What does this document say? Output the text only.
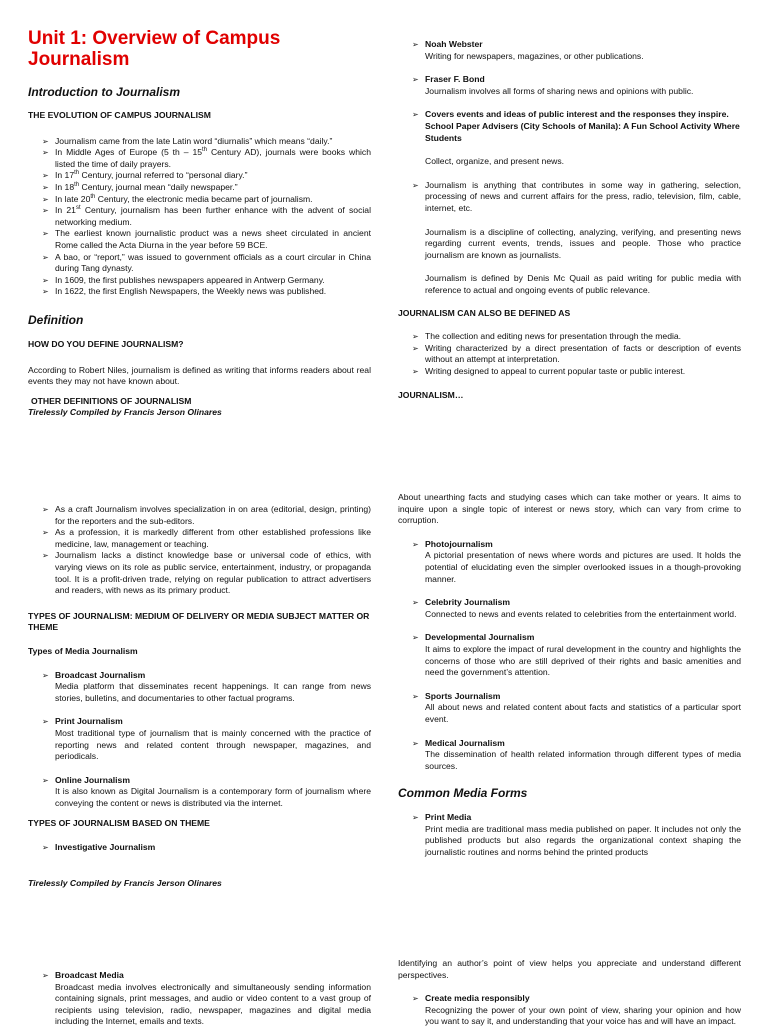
Unit 1: Overview of Campus
Journalism
Introduction to Journalism
THE EVOLUTION OF CAMPUS JOURNALISM
➢ Journalism came from the late Latin word “diurnalis” which means “daily.”
➢ In Middle Ages of Europe (5 th – 15th Century AD), journals were books which listed the time of daily prayers.
➢ In 17th Century, journal referred to “personal diary.”
➢ In 18th Century, journal mean “daily newspaper.”
➢ In late 20th Century, the electronic media became part of journalism.
➢ In 21st Century, journalism has been further enhance with the advent of social networking medium.
➢ The earliest known journalistic product was a news sheet circulated in ancient Rome called the Acta Diurna in the year before 59 BCE.
➢ A bao, or “report,” was issued to government officials as a court circular in China during Tang dynasty.
➢ In 1609, the first publishes newspapers appeared in Antwerp Germany.
➢ In 1622, the first English Newspapers, the Weekly news was published.
Definition
HOW DO YOU DEFINE JOURNALISM?

According to Robert Niles, journalism is defined as writing that informs readers about real events they may not have known about.

OTHER DEFINITIONS OF JOURNALISM
Tirelessly Compiled by Francis Jerson Olinares
➢ Noah Webster
Writing for newspapers, magazines, or other publications.
➢ Fraser F. Bond
Journalism involves all forms of sharing news and opinions with public.
➢ Covers events and ideas of public interest and the responses they inspire.
School Paper Advisers (City Schools of Manila): A Fun School Activity Where Students
Collect, organize, and present news.
➢ Journalism is anything that contributes in some way in gathering, selection, processing of news and current affairs for the press, radio, television, film, cable, internet, etc.
Journalism is a discipline of collecting, analyzing, verifying, and presenting news regarding current events, trends, issues and people. Those who practice journalism are known as journalists.
Journalism is defined by Denis Mc Quail as paid writing for public media with reference to actual and ongoing events of public relevance.
JOURNALISM CAN ALSO BE DEFINED AS
➢ The collection and editing news for presentation through the media.
➢ Writing characterized by a direct presentation of facts or description of events without an attempt at interpretation.
➢ Writing designed to appeal to current popular taste or public interest.
JOURNALISM…
➢ As a craft Journalism involves specialization in on area (editorial, design, printing) for the reporters and the sub-editors.
➢ As a profession, it is markedly different from other established professions like medicine, law, management or teaching.
➢ Journalism lacks a distinct knowledge base or universal code of ethics, with varying views on its role as public service, entertainment, industry, or propaganda tool. It is a profit-driven trade, relying on regular publication to attract advertisers and readers, with news as its primary product.
TYPES OF JOURNALISM: MEDIUM OF DELIVERY OR MEDIA SUBJECT MATTER OR THEME
Types of Media Journalism
➢ Broadcast Journalism
Media platform that disseminates recent happenings. It can range from news stories, bulletins, and documentaries to other factual programs.
➢ Print Journalism
Most traditional type of journalism that is mainly concerned with the practice of reporting news and related content through newspaper, magazines, and periodicals.
➢ Online Journalism
It is also known as Digital Journalism is a contemporary form of journalism where conveying the content or news is distributed via the internet.
TYPES OF JOURNALISM BASED ON THEME
➢ Investigative Journalism
Tirelessly Compiled by Francis Jerson Olinares

About unearthing facts and studying cases which can take mother or years. It aims to inquire upon a single topic of interest or news story, which can vary from crime to corruption.

➢ Photojournalism
A pictorial presentation of news where words and pictures are used. It holds the potential of elucidating even the simpler overlooked issues in a though-provoking manner.
➢ Celebrity Journalism
Connected to news and events related to celebrities from the entertainment world.
➢ Developmental Journalism
It aims to explore the impact of rural development in the country and highlights the concerns of those who are still deprived of their rights and basic amenities and need the government’s attention.
➢ Sports Journalism
All about news and related content about facts and statistics of a particular sport event.
➢ Medical Journalism
The dissemination of health related information through different types of media sources.
Common Media Forms
➢ Print Media
Print media are traditional mass media published on paper. It includes not only the published products but also regards the organizational context shaping the journalistic routines and norms behind the printed products
➢ Broadcast Media
Broadcast media involves electronically and simultaneously sending information containing signals, print messages, and audio or video content to a vast group of recipients using television, radio, newspaper, magazines and digital media including the Internet, emails and texts.

Identifying an author’s point of view helps you appreciate and understand different perspectives.

➢ Create media responsibly
Recognizing the power of your own point of view, sharing your opinion and how you want to say it, and understanding that your voice has and will have an impact.
